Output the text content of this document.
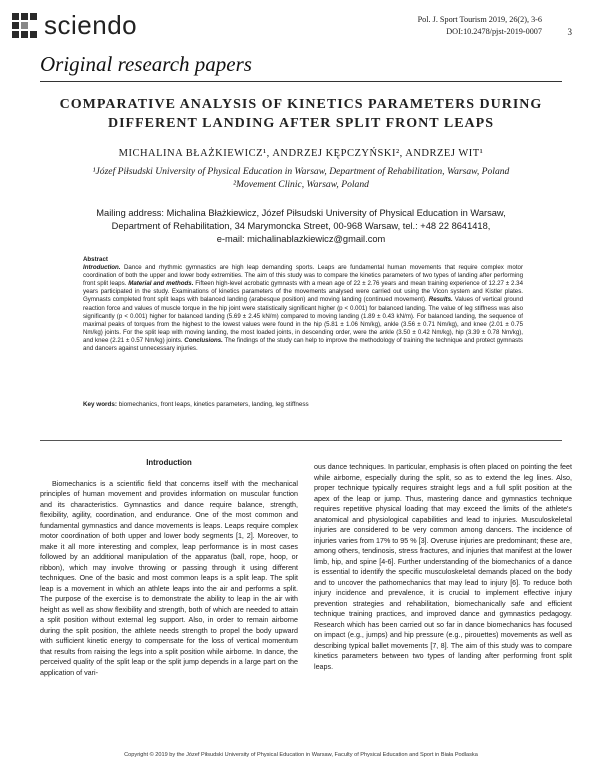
sciendo	Pol. J. Sport Tourism 2019, 26(2), 3-6
DOI:10.2478/pjst-2019-0007	3
Original research papers
COMPARATIVE ANALYSIS OF KINETICS PARAMETERS DURING DIFFERENT LANDING AFTER SPLIT FRONT LEAPS
MICHALINA BŁAŻKIEWICZ¹, ANDRZEJ KĘPCZYŃSKI², ANDRZEJ WIT¹
¹Józef Piłsudski University of Physical Education in Warsaw, Department of Rehabilitation, Warsaw, Poland
²Movement Clinic, Warsaw, Poland
Mailing address: Michalina Błażkiewicz, Józef Piłsudski University of Physical Education in Warsaw,
Department of Rehabilitation, 34 Marymoncka Street, 00-968 Warsaw, tel.: +48 22 8641418,
e-mail: michalinablazkiewicz@gmail.com
Abstract
Introduction. Dance and rhythmic gymnastics are high leap demanding sports. Leaps are fundamental human movements that require complex motor coordination of both the upper and lower body extremities. The aim of this study was to compare the kinetics parameters of two types of landing after performing front split leaps. Material and methods. Fifteen high-level acrobatic gymnasts with a mean age of 22 ± 2.76 years and mean training experience of 12.27 ± 2.34 years participated in the study. Examinations of kinetics parameters of the movements analysed were carried out using the Vicon system and Kistler plates. Gymnasts completed front split leaps with balanced landing (arabesque position) and moving landing (continued movement). Results. Values of vertical ground reaction force and values of muscle torque in the hip joint were statistically significant higher (p < 0.001) for balanced landing. The value of leg stiffness was also significantly (p < 0.001) higher for balanced landing (5.69 ± 2.45 kN/m) compared to moving landing (1.89 ± 0.43 kN/m). For balanced landing, the sequence of maximal peaks of torques from the highest to the lowest values were found in the hip (5.81 ± 1.06 Nm/kg), ankle (3.56 ± 0.71 Nm/kg), and knee (2.01 ± 0.75 Nm/kg) joints. For the split leap with moving landing, the most loaded joints, in descending order, were the ankle (3.50 ± 0.42 Nm/kg), hip (3.39 ± 0.78 Nm/kg), and knee (2.21 ± 0.57 Nm/kg) joints. Conclusions. The findings of the study can help to improve the methodology of training the technique and protect gymnasts and dancers against unnecessary injuries.
Key words: biomechanics, front leaps, kinetics parameters, landing, leg stiffness
Introduction

Biomechanics is a scientific field that concerns itself with the mechanical principles of human movement and provides information on muscular function and its characteristics. Gymnastics and dance require balance, strength, flexibility, agility, coordination, and endurance. One of the most common and fundamental gymnastics and dance movements is leaps. Leaps require complex motor coordination of both upper and lower body segments [1, 2]. Moreover, to make it all more interesting and complex, leap performance is in most cases followed by an additional manipulation of the apparatus (ball, rope, hoop, or ribbon), which may involve throwing or passing through it using different techniques. One of the basic and most common leaps is a split leap. The split leap is a movement in which an athlete leaps into the air and performs a split. The purpose of the exercise is to demonstrate the ability to leap in the air with height as well as show flexibility and strength, both of which are needed to attain a split position without external leg support. Also, in order to remain airborne during the split position, the athlete needs strength to propel the body upward with sufficient kinetic energy to compensate for the loss of vertical momentum that results from raising the legs into a split position while airborne. In dance, the perceived quality of the split leap or the split jump depends in a large part on the application of vari-

ous dance techniques. In particular, emphasis is often placed on pointing the feet while airborne, especially during the split, so as to extend the leg lines. Also, proper technique typically requires straight legs and a full split position at the apex of the leap or jump. Thus, mastering dance and gymnastics technique requires repetitive physical loading that may exceed the limits of the athlete's anatomical and physiological capabilities and lead to injuries. Musculoskeletal injuries are considered to be very common among dancers. The incidence of injuries varies from 17% to 95 % [3]. Overuse injuries are predominant; these are, among others, tendinosis, stress fractures, and injuries that manifest at the lower limb, hip, and spine [4-6]. Further understanding of the biomechanics of a dance is essential to identify the specific musculoskeletal demands placed on the body and to uncover the pathomechanics that may lead to injury [6]. To reduce both injury incidence and prevalence, it is crucial to implement effective injury prevention strategies and rehabilitation, biomechanically safe and efficient technique training practices, and improved dance and gymnastics pedagogy. Research which has been carried out so far in dance biomechanics has focused on impact (e.g., jumps) and hip pressure (e.g., pirouettes) movements as well as describing typical ballet movements [7, 8]. The aim of this study was to compare kinetics parameters between two types of landing after performing front split leaps.

Copyright © 2019 by the Józef Piłsudski University of Physical Education in Warsaw, Faculty of Physical Education and Sport in Biała Podlaska
